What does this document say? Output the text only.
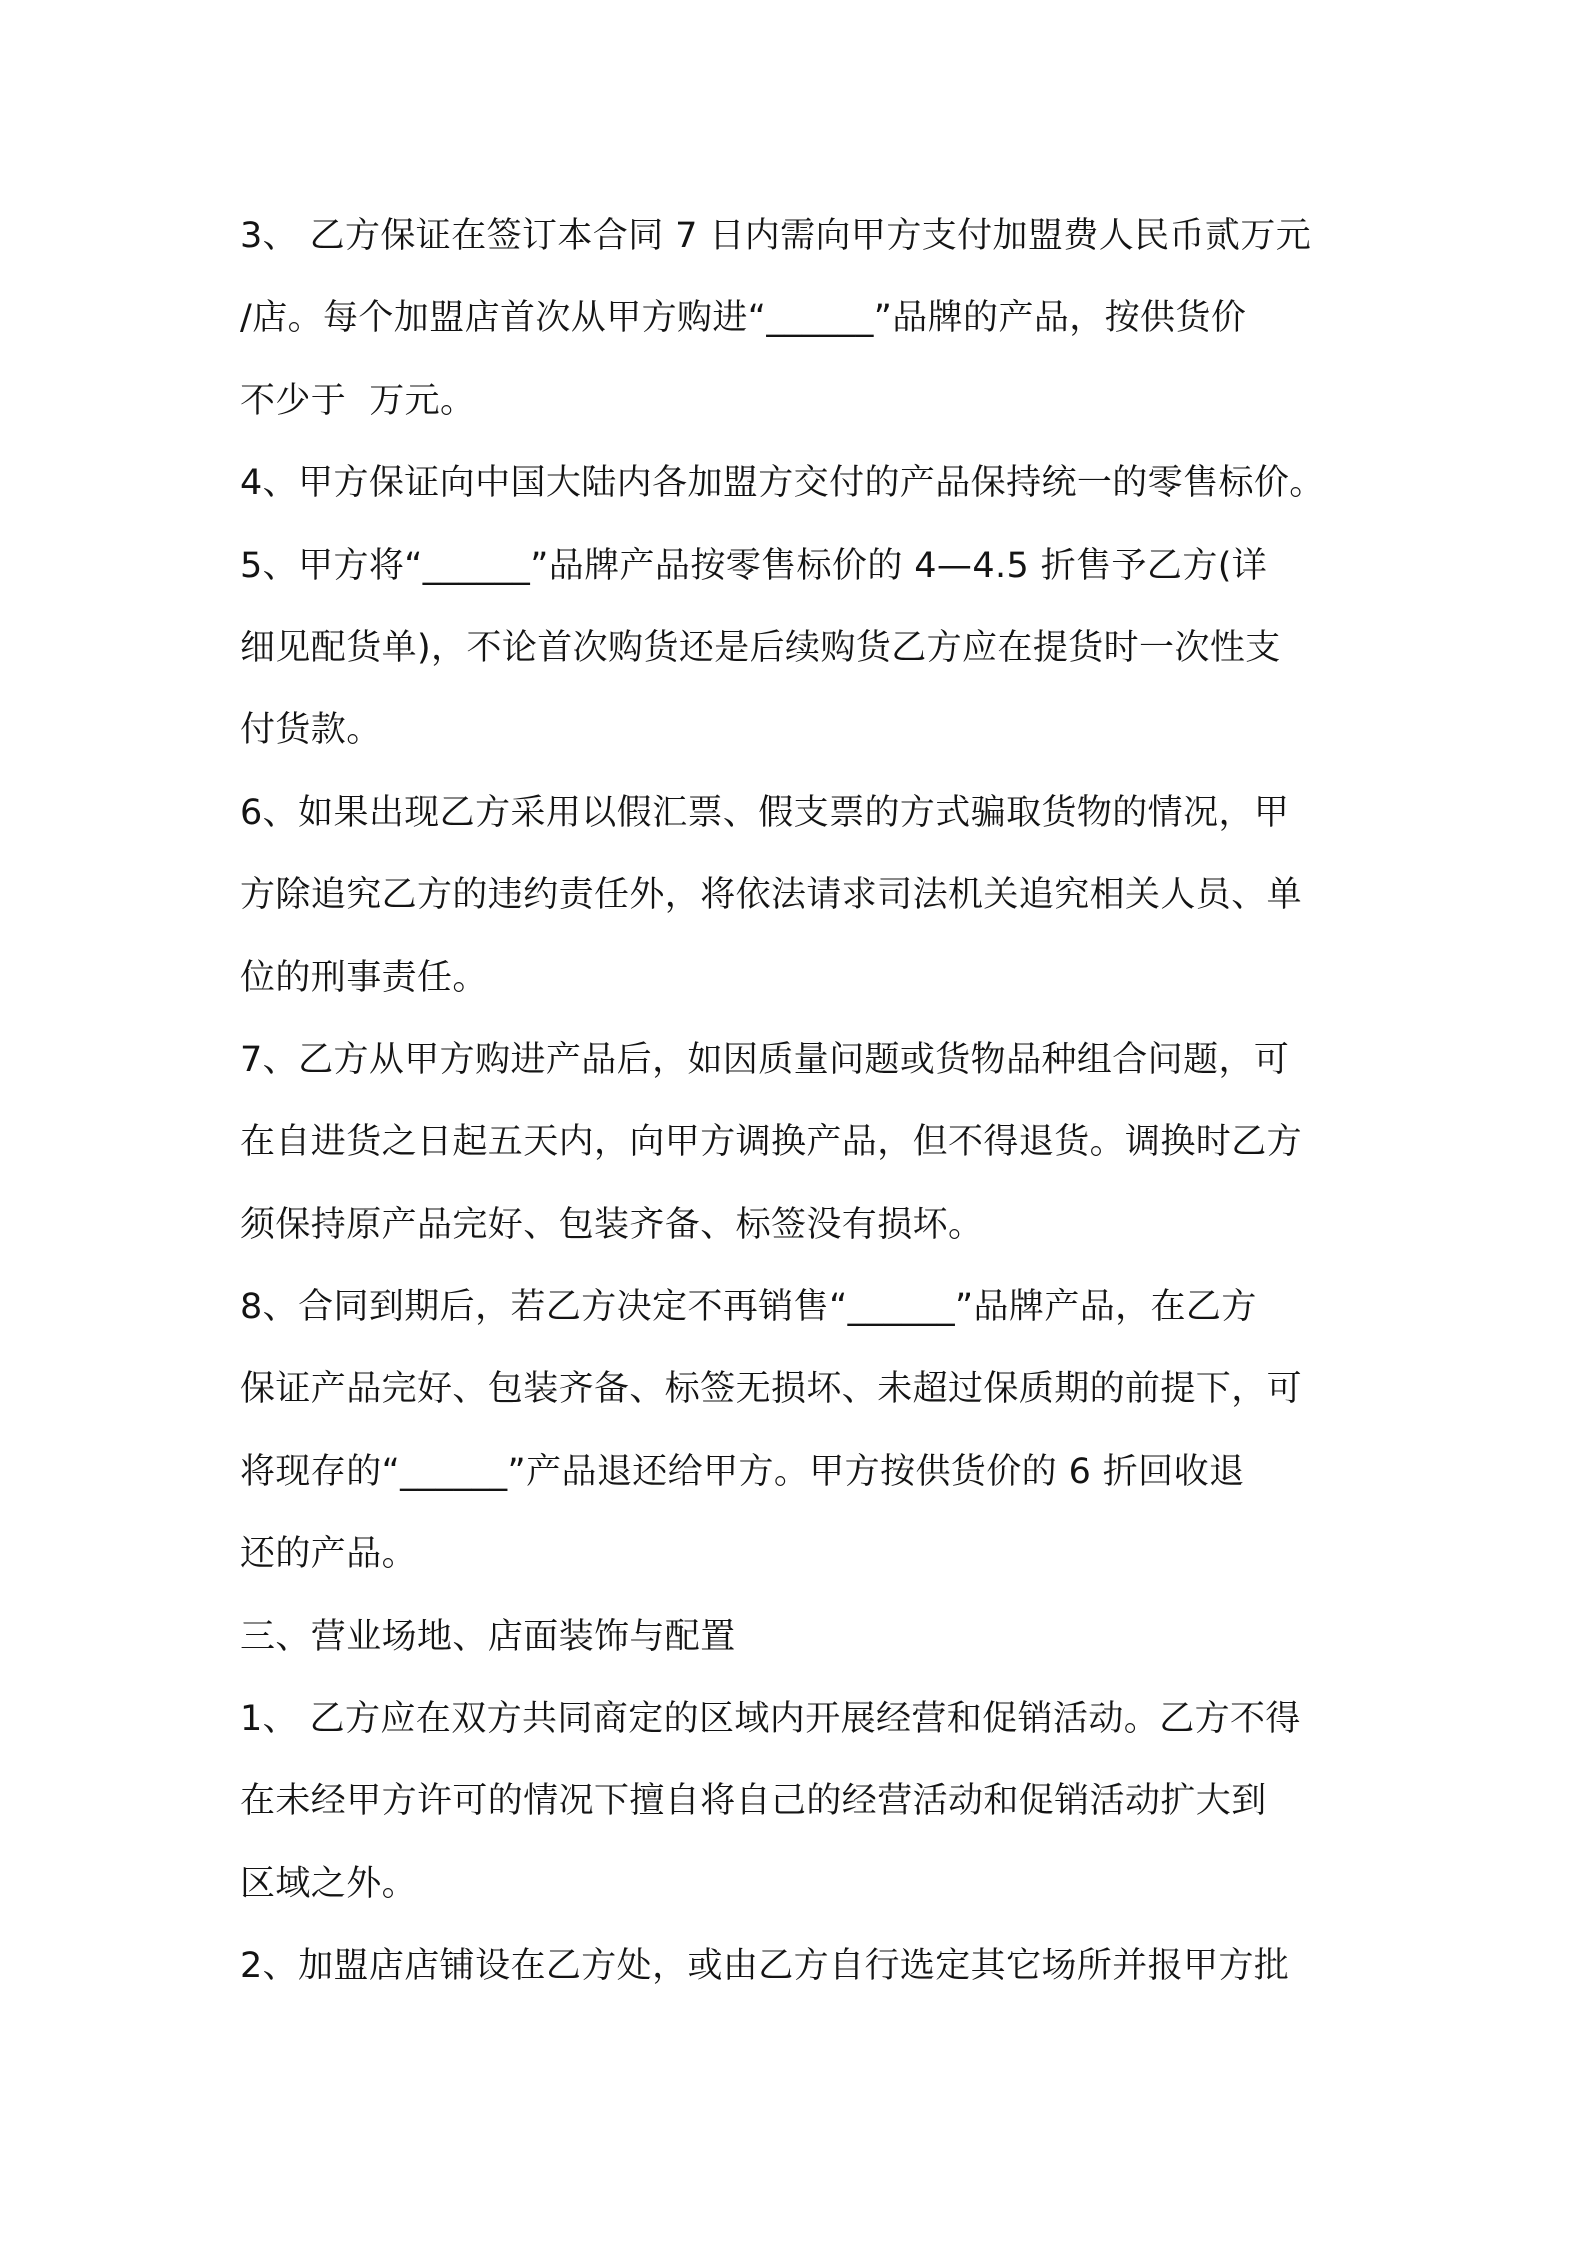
3、 乙方保证在签订本合同 7 日内需向甲方支付加盟费人民币贰万元
/店。每个加盟店首次从甲方购进“______”品牌的产品，按供货价
不少于  万元。
4、甲方保证向中国大陆内各加盟方交付的产品保持统一的零售标价。
5、甲方将“______”品牌产品按零售标价的 4—4.5 折售予乙方(详
细见配货单)，不论首次购货还是后续购货乙方应在提货时一次性支
付货款。
6、如果出现乙方采用以假汇票、假支票的方式骗取货物的情况，甲
方除追究乙方的违约责任外，将依法请求司法机关追究相关人员、单
位的刑事责任。
7、乙方从甲方购进产品后，如因质量问题或货物品种组合问题，可
在自进货之日起五天内，向甲方调换产品，但不得退货。调换时乙方
须保持原产品完好、包装齐备、标签没有损坏。
8、合同到期后，若乙方决定不再销售“______”品牌产品，在乙方
保证产品完好、包装齐备、标签无损坏、未超过保质期的前提下，可
将现存的“______”产品退还给甲方。甲方按供货价的 6 折回收退
还的产品。
三、营业场地、店面装饰与配置
1、 乙方应在双方共同商定的区域内开展经营和促销活动。乙方不得
在未经甲方许可的情况下擅自将自己的经营活动和促销活动扩大到
区域之外。
2、加盟店店铺设在乙方处，或由乙方自行选定其它场所并报甲方批
